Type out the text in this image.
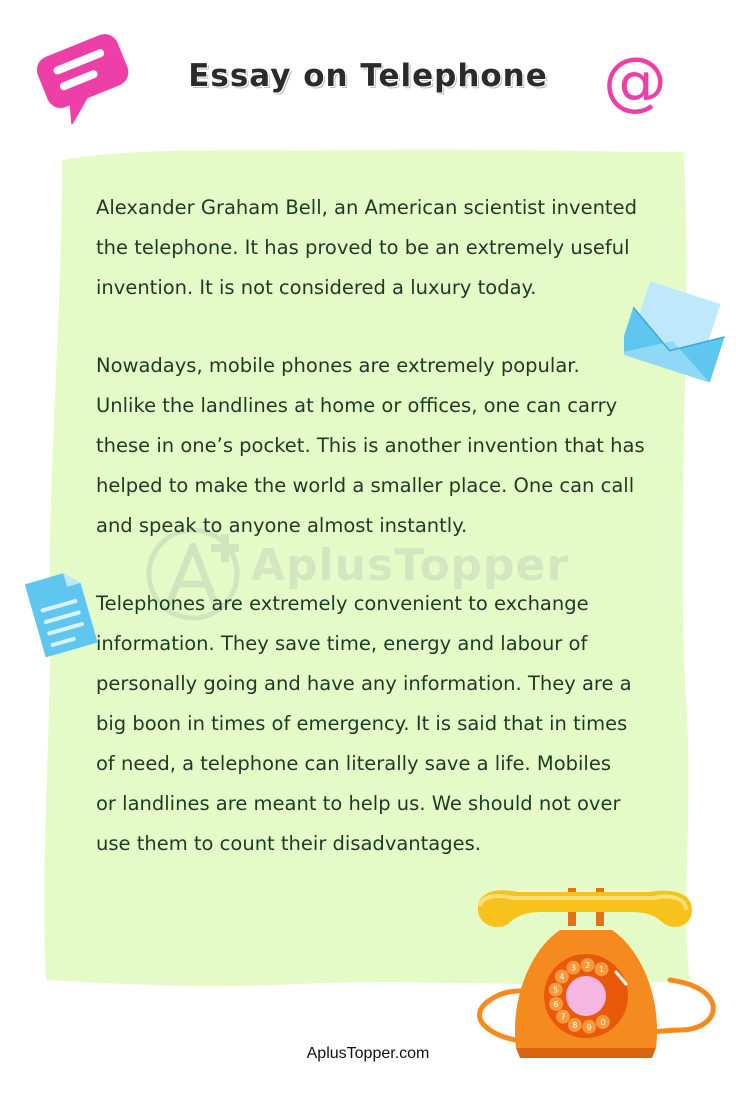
@
Essay on Telephone
AplusTopper

Alexander Graham Bell, an American scientist invented
the telephone. It has proved to be an extremely useful
invention. It is not considered a luxury today.

Nowadays, mobile phones are extremely popular.
Unlike the landlines at home or offices, one can carry
these in one’s pocket. This is another invention that has
helped to make the world a smaller place. One can call
and speak to anyone almost instantly.

Telephones are extremely convenient to exchange
information. They save time, energy and labour of
personally going and have any information. They are a
big boon in times of emergency. It is said that in times
of need, a telephone can literally save a life. Mobiles
or landlines are meant to help us. We should not over
use them to count their disadvantages.

1
2
3
4
5
6
7
8 9
0
AplusTopper.com
